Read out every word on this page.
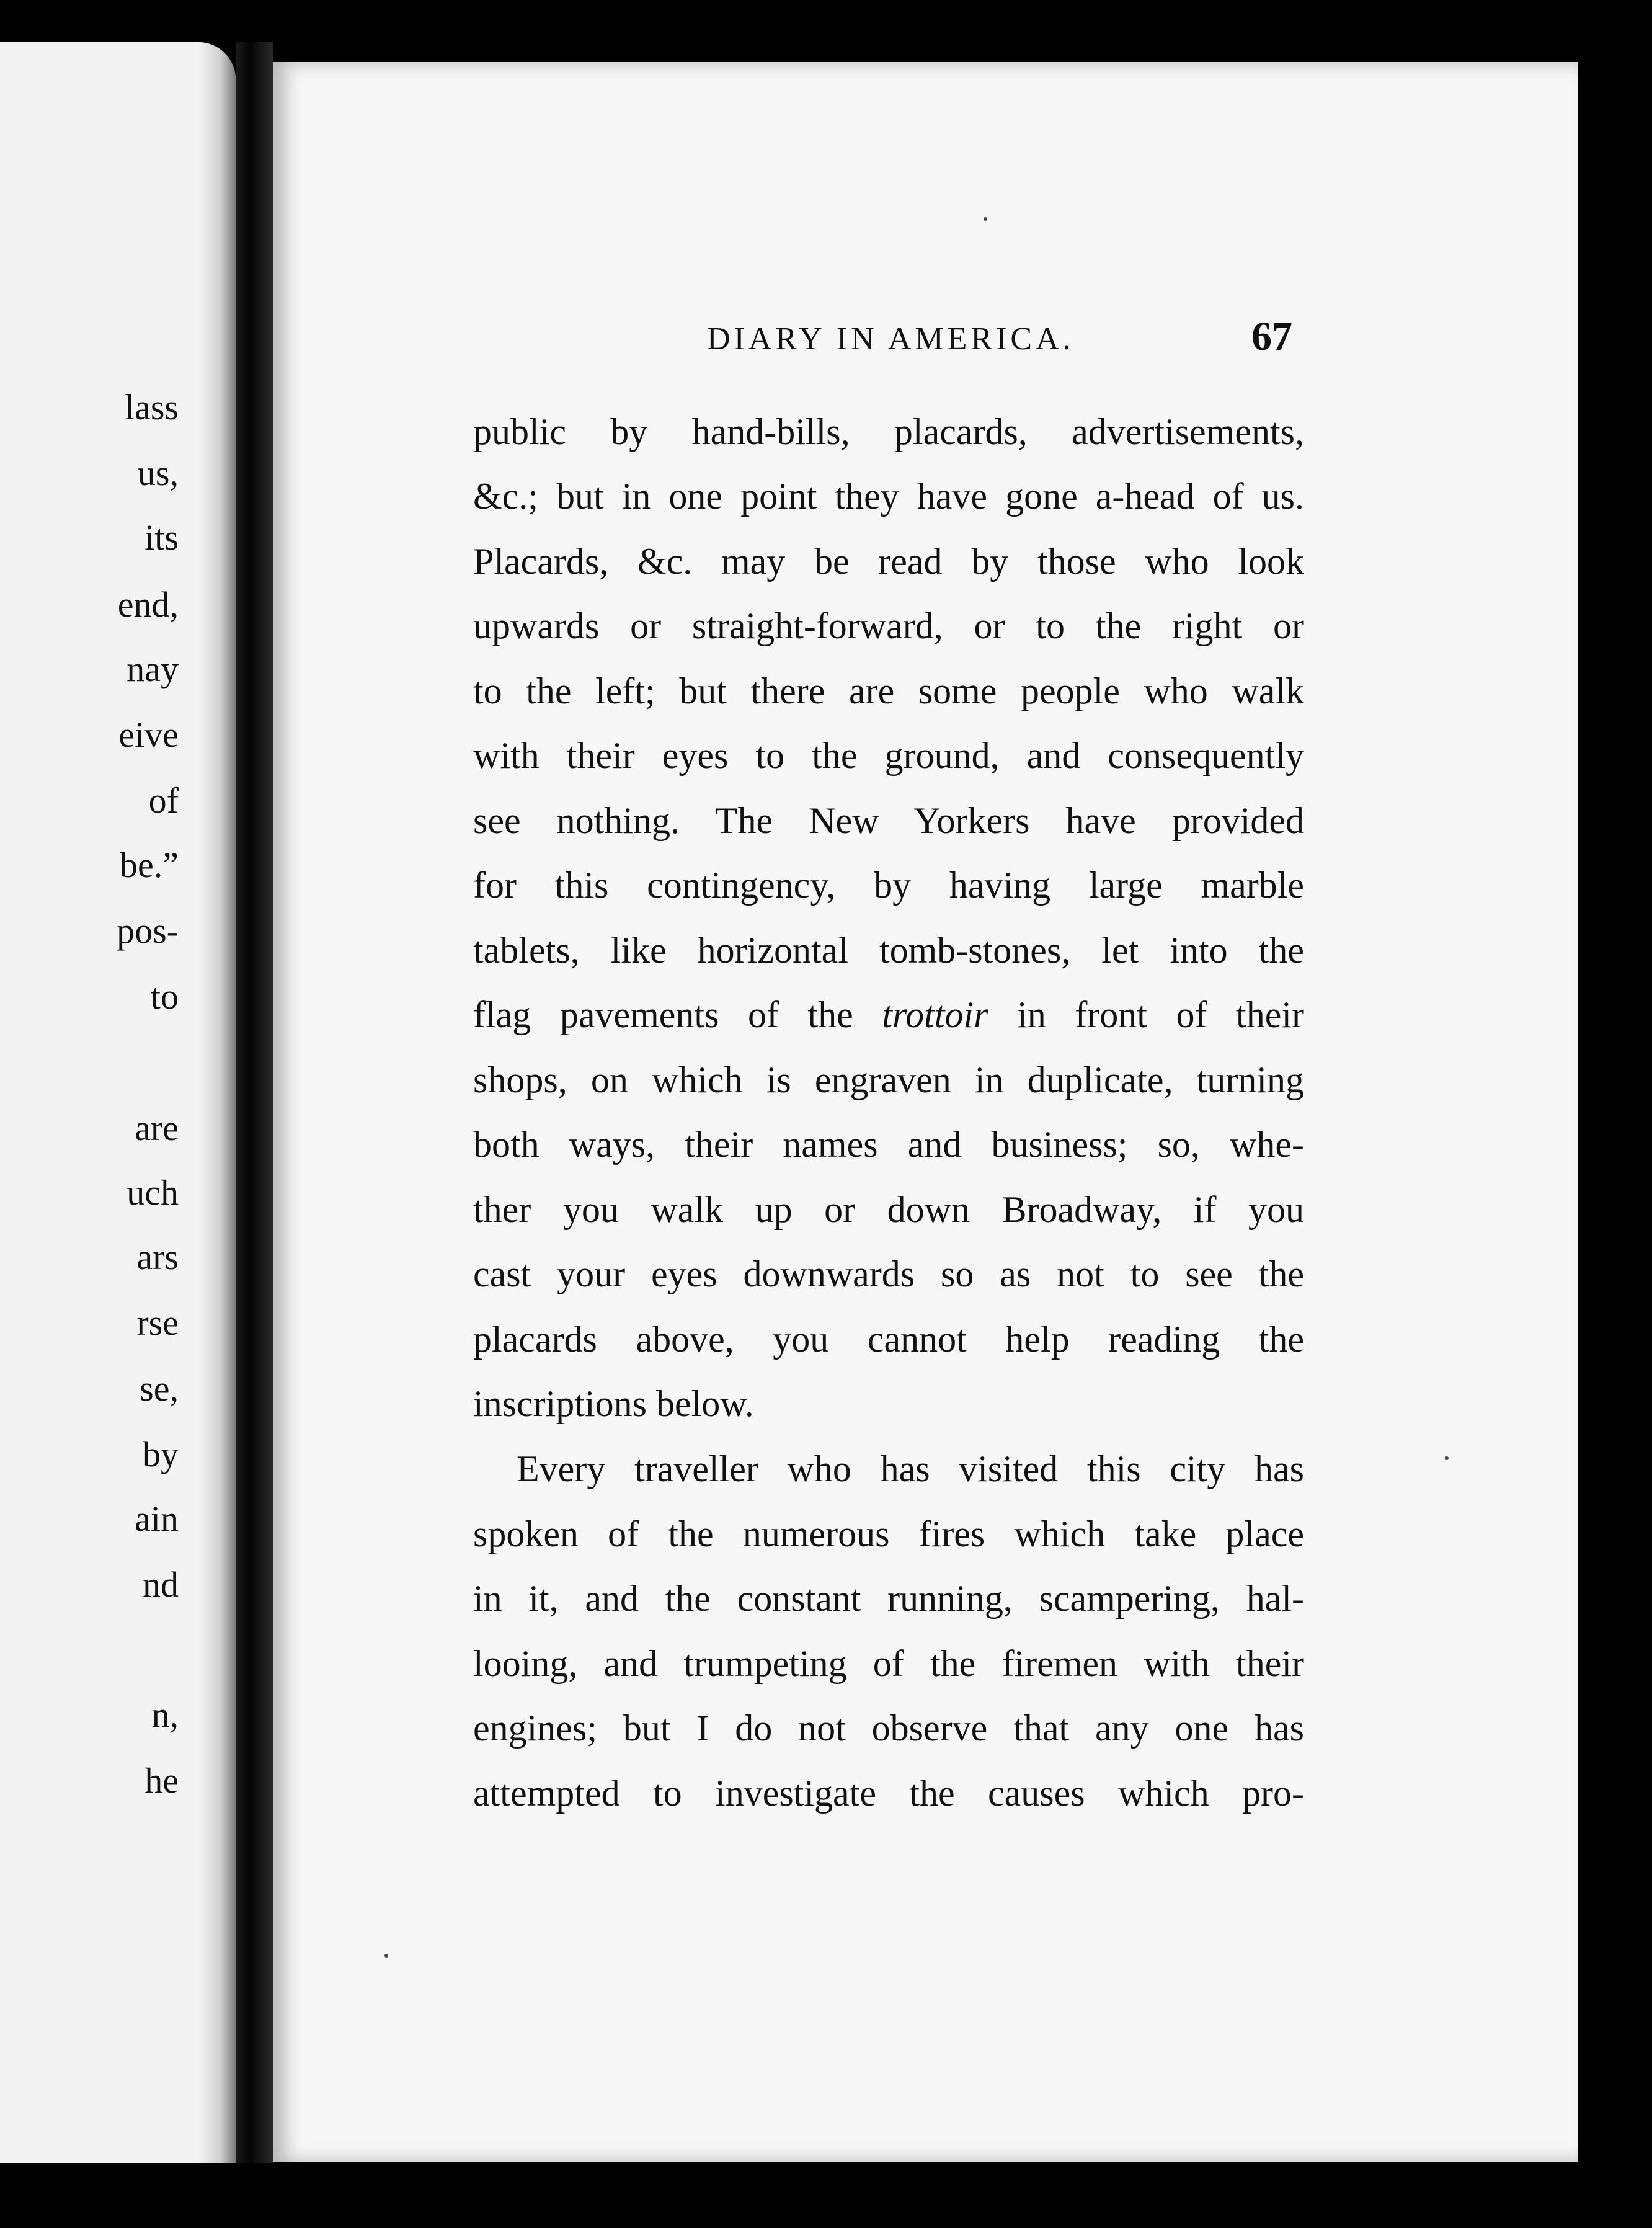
lass
us,
its
end,
nay
eive
of
be.”
pos-
to
are
uch
ars
rse
se,
by
ain
nd
n,
he
DIARY IN AMERICA.	67
public by hand-bills, placards, advertisements,
&c.; but in one point they have gone a-head of us.
Placards, &c. may be read by those who look
upwards or straight-forward, or to the right or
to the left; but there are some people who walk
with their eyes to the ground, and consequently
see nothing. The New Yorkers have provided
for this contingency, by having large marble
tablets, like horizontal tomb-stones, let into the
flag pavements of the trottoir in front of their
shops, on which is engraven in duplicate, turning
both ways, their names and business; so, whe-
ther you walk up or down Broadway, if you
cast your eyes downwards so as not to see the
placards above, you cannot help reading the
inscriptions below.
Every traveller who has visited this city has
spoken of the numerous fires which take place
in it, and the constant running, scampering, hal-
looing, and trumpeting of the firemen with their
engines; but I do not observe that any one has
attempted to investigate the causes which pro-
